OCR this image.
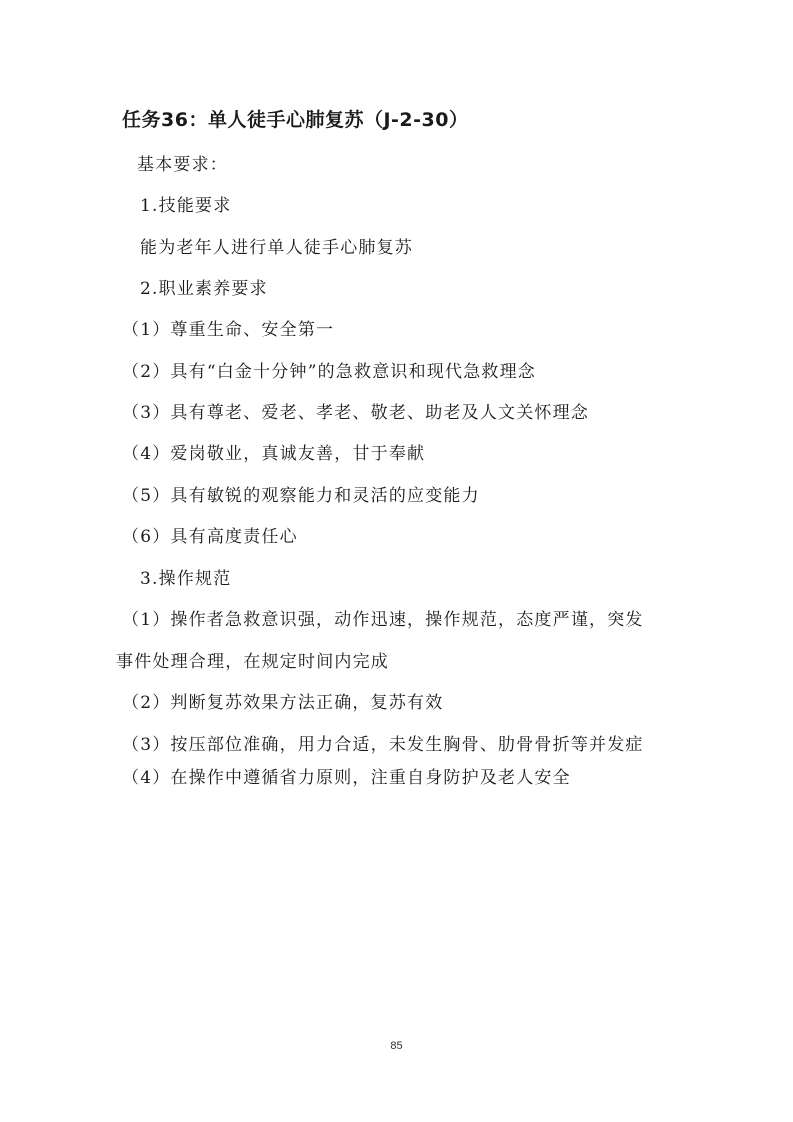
任务36：单人徒手心肺复苏（J-2-30）
基本要求：
1.技能要求
能为老年人进行单人徒手心肺复苏
2.职业素养要求
（1）尊重生命、安全第一
（2）具有“白金十分钟”的急救意识和现代急救理念
（3）具有尊老、爱老、孝老、敬老、助老及人文关怀理念
（4）爱岗敬业，真诚友善，甘于奉献
（5）具有敏锐的观察能力和灵活的应变能力
（6）具有高度责任心
3.操作规范
（1）操作者急救意识强，动作迅速，操作规范，态度严谨，突发
事件处理合理，在规定时间内完成
（2）判断复苏效果方法正确，复苏有效
（3）按压部位准确，用力合适，未发生胸骨、肋骨骨折等并发症
（4）在操作中遵循省力原则，注重自身防护及老人安全
85
